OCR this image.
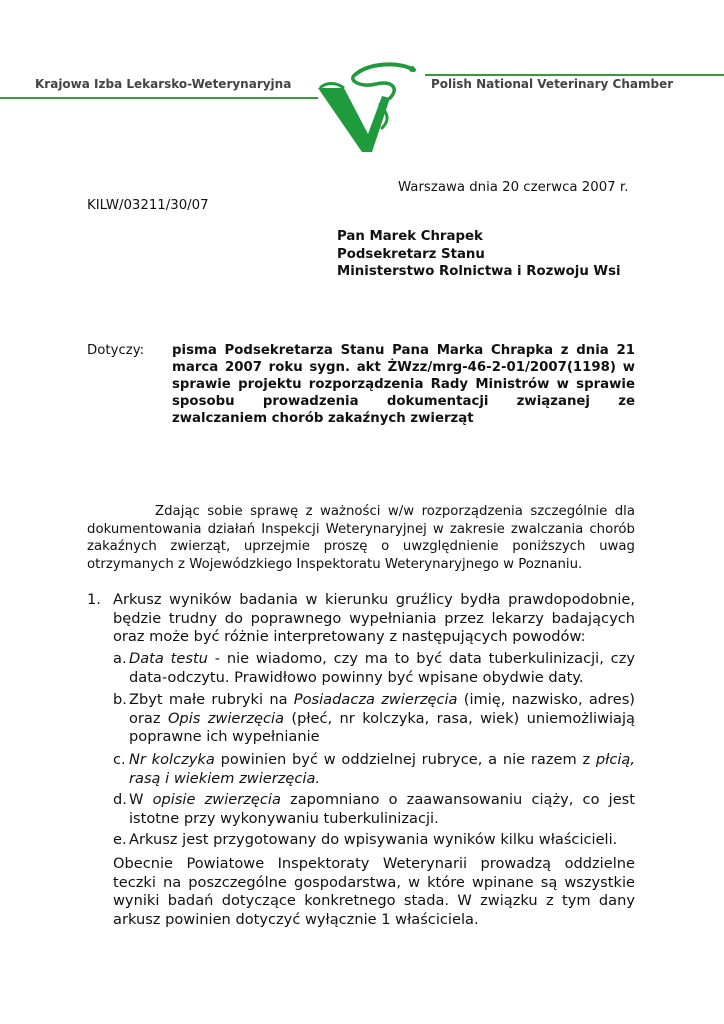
Krajowa Izba Lekarsko-Weterynaryjna	Polish National Veterinary Chamber
Warszawa dnia 20 czerwca 2007 r.
KILW/03211/30/07
Pan Marek Chrapek
Podsekretarz Stanu
Ministerstwo Rolnictwa i Rozwoju Wsi
Dotyczy: pisma Podsekretarza Stanu Pana Marka Chrapka z dnia 21 marca 2007 roku sygn. akt ŻWzz/mrg-46-2-01/2007(1198) w sprawie projektu rozporządzenia Rady Ministrów w sprawie sposobu prowadzenia dokumentacji związanej ze zwalczaniem chorób zakaźnych zwierząt
Zdając sobie sprawę z ważności w/w rozporządzenia szczególnie dla dokumentowania działań Inspekcji Weterynaryjnej w zakresie zwalczania chorób zakaźnych zwierząt, uprzejmie proszę o uwzględnienie poniższych uwag otrzymanych z Wojewódzkiego Inspektoratu Weterynaryjnego w Poznaniu.
1. Arkusz wyników badania w kierunku gruźlicy bydła prawdopodobnie, będzie trudny do poprawnego wypełniania przez lekarzy badających oraz może być różnie interpretowany z następujących powodów:
a. Data testu - nie wiadomo, czy ma to być data tuberkulinizacji, czy data-odczytu. Prawidłowo powinny być wpisane obydwie daty.
b. Zbyt małe rubryki na Posiadacza zwierzęcia (imię, nazwisko, adres) oraz Opis zwierzęcia (płeć, nr kolczyka, rasa, wiek) uniemożliwiają poprawne ich wypełnianie
c. Nr kolczyka powinien być w oddzielnej rubryce, a nie razem z płcią, rasą i wiekiem zwierzęcia.
d. W opisie zwierzęcia zapomniano o zaawansowaniu ciąży, co jest istotne przy wykonywaniu tuberkulinizacji.
e. Arkusz jest przygotowany do wpisywania wyników kilku właścicieli.
Obecnie Powiatowe Inspektoraty Weterynarii prowadzą oddzielne teczki na poszczególne gospodarstwa, w które wpinane są wszystkie wyniki badań dotyczące konkretnego stada. W związku z tym dany arkusz powinien dotyczyć wyłącznie 1 właściciela.
